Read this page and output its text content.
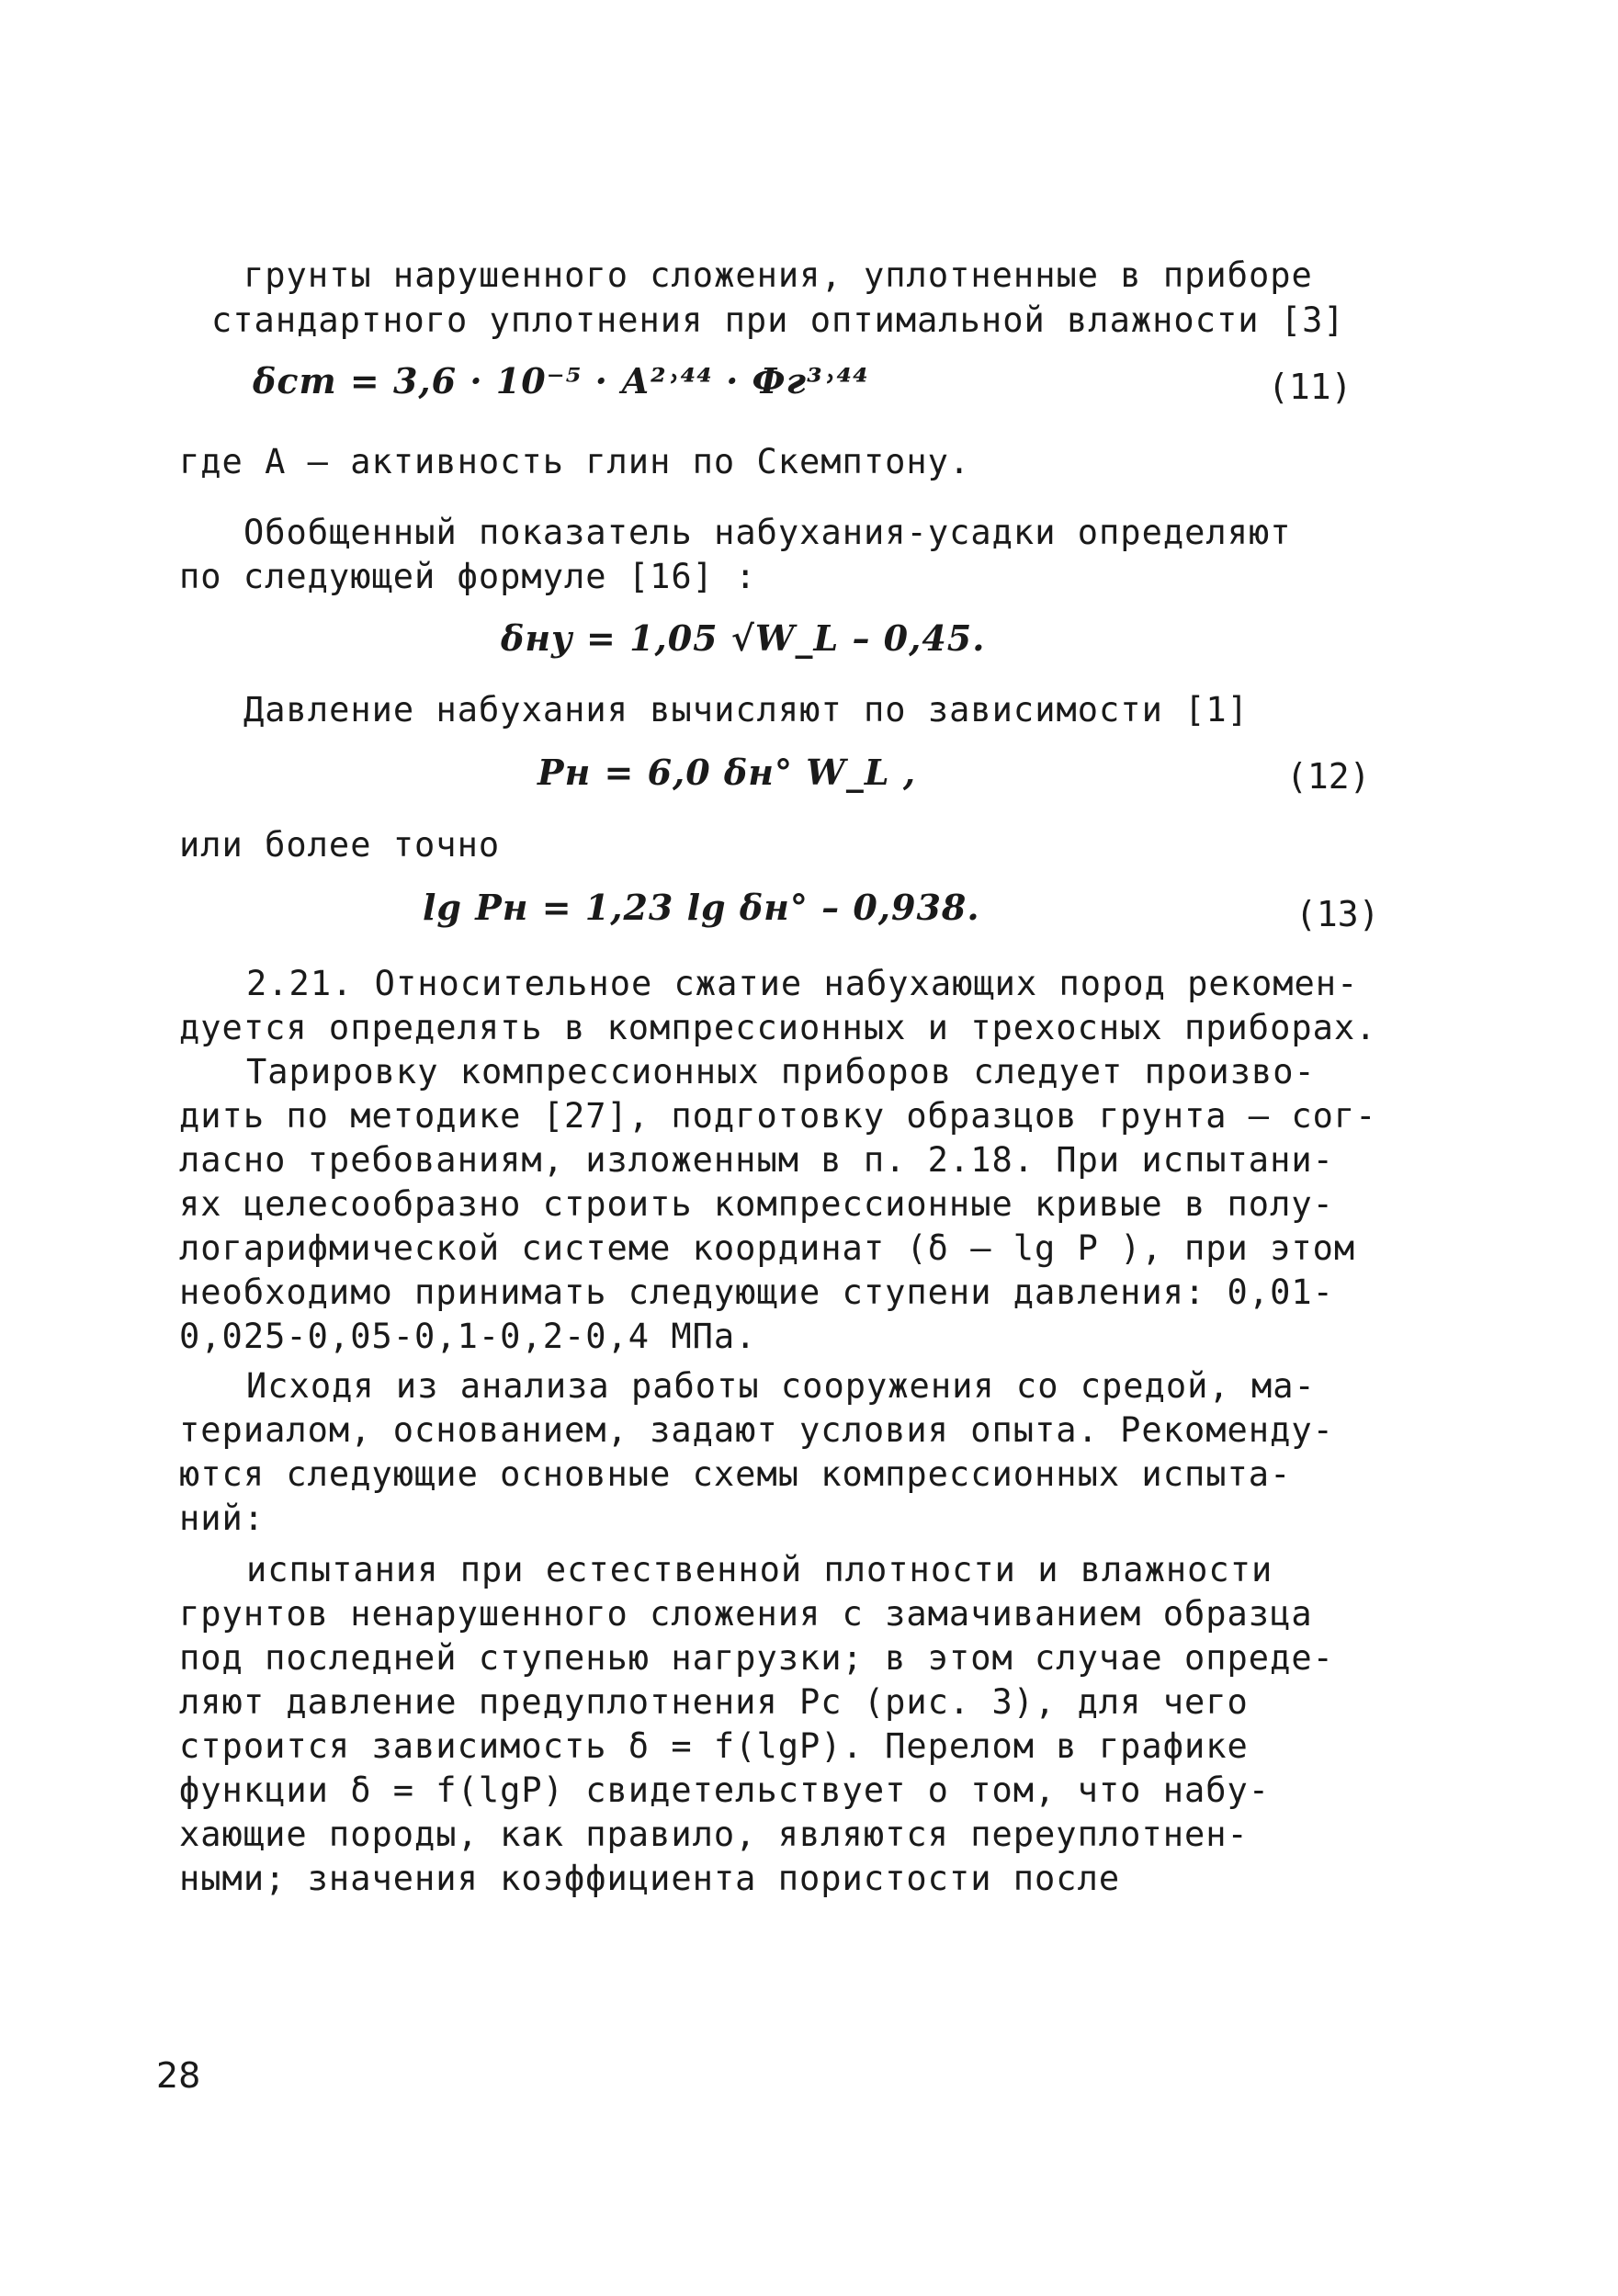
грунты нарушенного сложения, уплотненные в приборе
стандартного уплотнения при оптимальной влажности [3]
δст = 3,6 · 10⁻⁵ · А²˒⁴⁴ · Фг³˒⁴⁴	(11)
где А – активность глин по Скемптону.
Обобщенный показатель набухания-усадки определяют
по следующей формуле [16] :
δну = 1,05 √W_L – 0,45.
Давление набухания вычисляют по зависимости [1]
Pн = 6,0 δн° W_L ,	(12)
или более точно
lg Pн = 1,23 lg δн° – 0,938.	(13)
2.21. Относительное сжатие набухающих пород рекомен-
дуется определять в компрессионных и трехосных приборах.
Тарировку компрессионных приборов следует произво-
дить по методике [27], подготовку образцов грунта – сог-
ласно требованиям, изложенным в п. 2.18. При испытани-
ях целесообразно строить компрессионные кривые в полу-
логарифмической системе координат (δ – lg P ), при этом
необходимо принимать следующие ступени давления: 0,01-
0,025-0,05-0,1-0,2-0,4 МПа.
Исходя из анализа работы сооружения со средой, ма-
териалом, основанием, задают условия опыта. Рекоменду-
ются следующие основные схемы компрессионных испыта-
ний:
испытания при естественной плотности и влажности
грунтов ненарушенного сложения с замачиванием образца
под последней ступенью нагрузки; в этом случае опреде-
ляют давление предуплотнения Pc (рис. 3), для чего
строится зависимость δ = f(lgP). Перелом в графике
функции δ = f(lgP) свидетельствует о том, что набу-
хающие породы, как правило, являются переуплотнен-
ными; значения коэффициента пористости после
28
